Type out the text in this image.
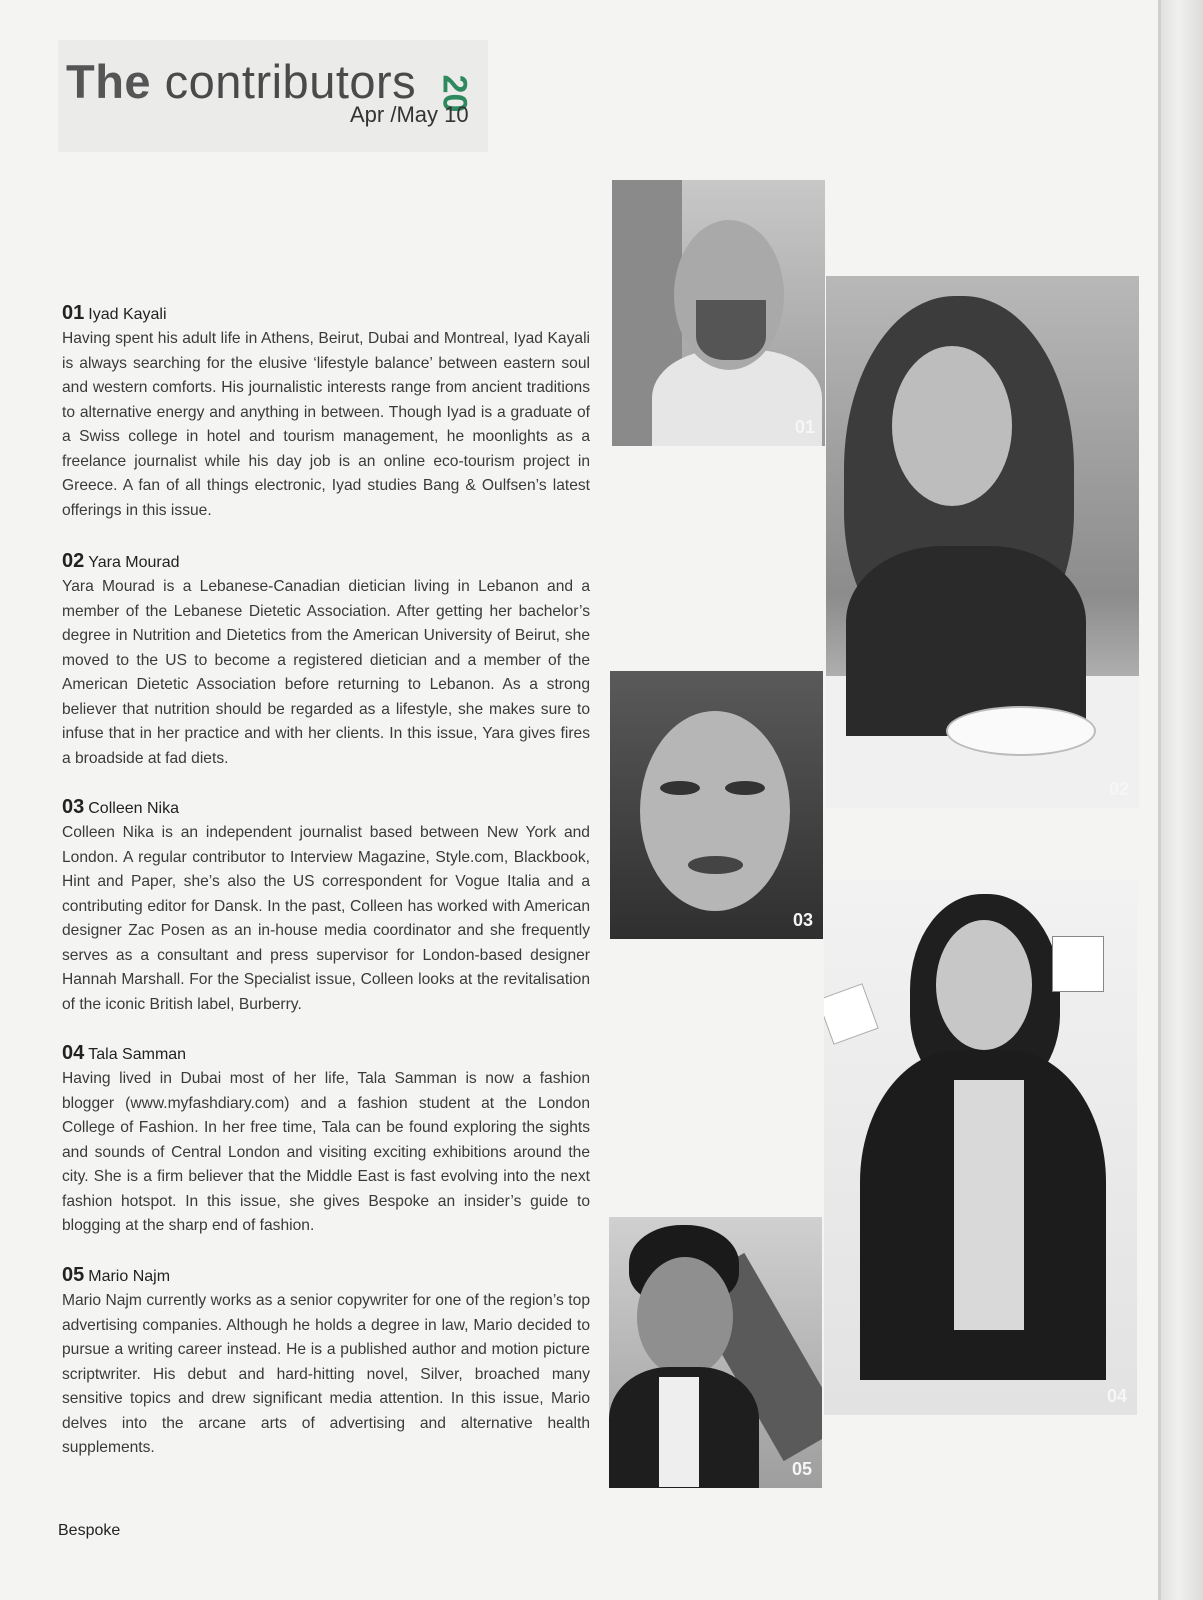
The contributors 20
Apr /May 10
01 Iyad Kayali
Having spent his adult life in Athens, Beirut, Dubai and Montreal, Iyad Kayali is always searching for the elusive ‘lifestyle balance’ between eastern soul and western comforts. His journalistic interests range from ancient traditions to alternative energy and anything in between. Though Iyad is a graduate of a Swiss college in hotel and tourism management, he moonlights as a freelance journalist while his day job is an online eco-tourism project in Greece. A fan of all things electronic, Iyad studies Bang & Oulfsen’s latest offerings in this issue.
02 Yara Mourad
Yara Mourad is a Lebanese-Canadian dietician living in Lebanon and a member of the Lebanese Dietetic Association. After getting her bachelor’s degree in Nutrition and Dietetics from the American University of Beirut, she moved to the US to become a registered dietician and a member of the American Dietetic Association before returning to Lebanon. As a strong believer that nutrition should be regarded as a lifestyle, she makes sure to infuse that in her practice and with her clients. In this issue, Yara gives fires a broadside at fad diets.
03 Colleen Nika
Colleen Nika is an independent journalist based between New York and London. A regular contributor to Interview Magazine, Style.com, Blackbook, Hint and Paper, she’s also the US correspondent for Vogue Italia and a contributing editor for Dansk. In the past, Colleen has worked with American designer Zac Posen as an in-house media coordinator and she frequently serves as a consultant and press supervisor for London-based designer Hannah Marshall. For the Specialist issue, Colleen looks at the revitalisation of the iconic British label, Burberry.
04 Tala Samman
Having lived in Dubai most of her life, Tala Samman is now a fashion blogger (www.myfashdiary.com) and a fashion student at the London College of Fashion. In her free time, Tala can be found exploring the sights and sounds of Central London and visiting exciting exhibitions around the city. She is a firm believer that the Middle East is fast evolving into the next fashion hotspot. In this issue, she gives Bespoke an insider’s guide to blogging at the sharp end of fashion.
05 Mario Najm
Mario Najm currently works as a senior copywriter for one of the region’s top advertising companies. Although he holds a degree in law, Mario decided to pursue a writing career instead. He is a published author and motion picture scriptwriter. His debut and hard-hitting novel, Silver, broached many sensitive topics and drew significant media attention. In this issue, Mario delves into the arcane arts of advertising and alternative health supplements.
01
02
03
04
05
Bespoke
